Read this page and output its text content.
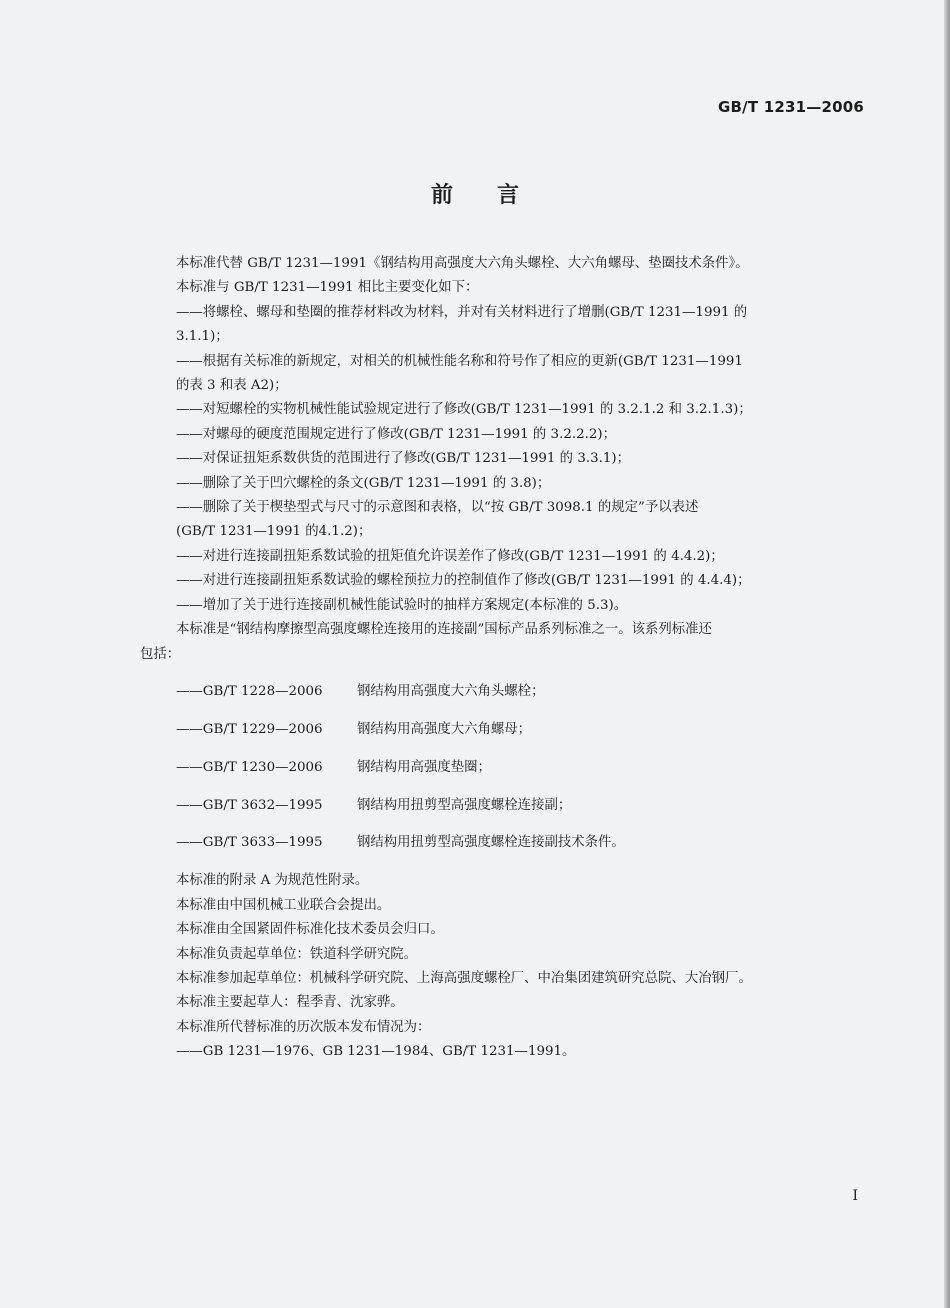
GB/T 1231—2006
前言

本标准代替 GB/T 1231—1991《钢结构用高强度大六角头螺栓、大六角螺母、垫圈技术条件》。

本标准与 GB/T 1231—1991 相比主要变化如下：

——将螺栓、螺母和垫圈的推荐材料改为材料，并对有关材料进行了增删(GB/T 1231—1991 的

3.1.1)；

——根据有关标准的新规定，对相关的机械性能名称和符号作了相应的更新(GB/T 1231—1991

的表 3 和表 A2)；

——对短螺栓的实物机械性能试验规定进行了修改(GB/T 1231—1991 的 3.2.1.2 和 3.2.1.3)；

——对螺母的硬度范围规定进行了修改(GB/T 1231—1991 的 3.2.2.2)；

——对保证扭矩系数供货的范围进行了修改(GB/T 1231—1991 的 3.3.1)；

——删除了关于凹穴螺栓的条文(GB/T 1231—1991 的 3.8)；

——删除了关于楔垫型式与尺寸的示意图和表格，以“按 GB/T 3098.1 的规定”予以表述

(GB/T 1231—1991 的4.1.2)；

——对进行连接副扭矩系数试验的扭矩值允许误差作了修改(GB/T 1231—1991 的 4.4.2)；

——对进行连接副扭矩系数试验的螺栓预拉力的控制值作了修改(GB/T 1231—1991 的 4.4.4)；

——增加了关于进行连接副机械性能试验时的抽样方案规定(本标准的 5.3)。

本标准是“钢结构摩擦型高强度螺栓连接用的连接副”国标产品系列标准之一。该系列标准还

包括：

——GB/T 1228—2006	钢结构用高强度大六角头螺栓；

——GB/T 1229—2006	钢结构用高强度大六角螺母；

——GB/T 1230—2006	钢结构用高强度垫圈；

——GB/T 3632—1995	钢结构用扭剪型高强度螺栓连接副；

——GB/T 3633—1995	钢结构用扭剪型高强度螺栓连接副技术条件。

本标准的附录 A 为规范性附录。

本标准由中国机械工业联合会提出。

本标准由全国紧固件标准化技术委员会归口。

本标准负责起草单位：铁道科学研究院。

本标准参加起草单位：机械科学研究院、上海高强度螺栓厂、中冶集团建筑研究总院、大冶钢厂。

本标准主要起草人：程季青、沈家骅。

本标准所代替标准的历次版本发布情况为：

——GB 1231—1976、GB 1231—1984、GB/T 1231—1991。

I
